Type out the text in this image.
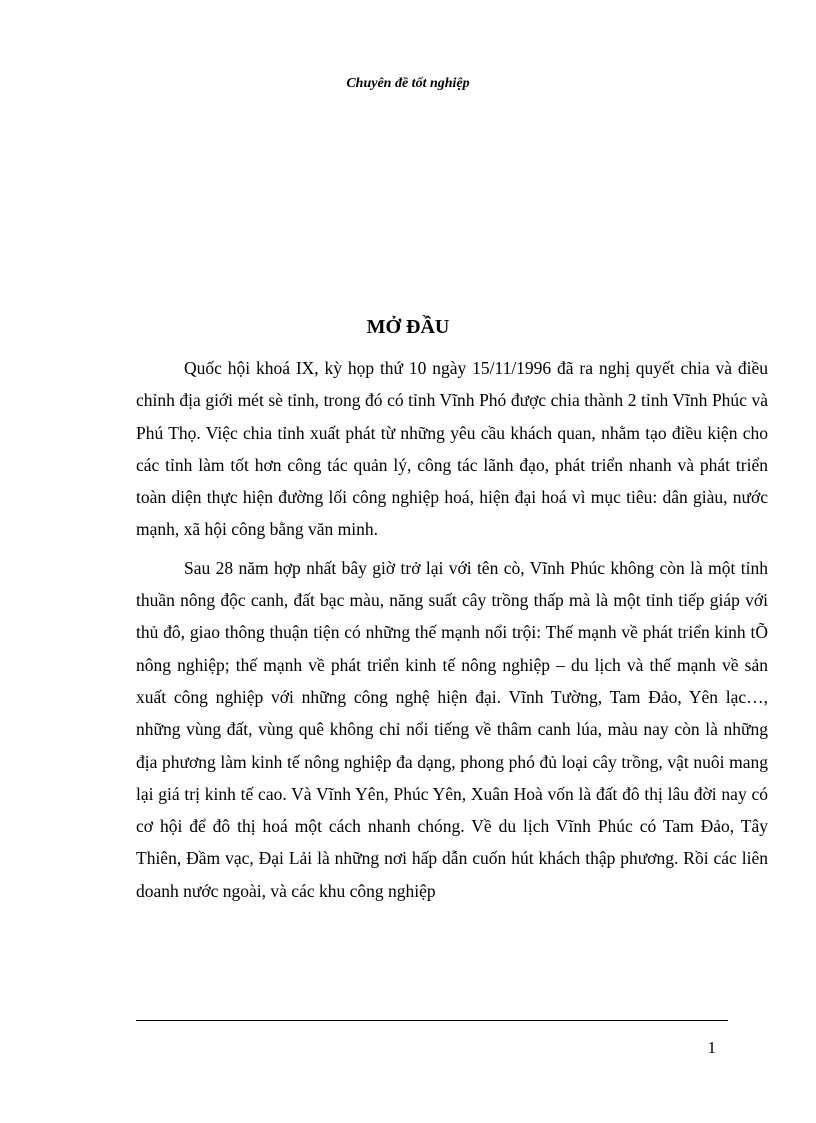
Chuyên đề tốt nghiệp
MỞ ĐẦU

Quốc hội khoá IX, kỳ họp thứ 10 ngày 15/11/1996 đã ra nghị quyết chia và điều chỉnh địa giới mét sè tỉnh, trong đó có tỉnh Vĩnh Phó được chia thành 2 tỉnh Vĩnh Phúc và Phú Thọ. Việc chia tỉnh xuất phát từ những yêu cầu khách quan, nhằm tạo điều kiện cho các tỉnh làm tốt hơn công tác quản lý, công tác lãnh đạo, phát triển nhanh và phát triển toàn diện thực hiện đường lối công nghiệp hoá, hiện đại hoá vì mục tiêu: dân giàu, nước mạnh, xã hội công bằng văn minh.

Sau 28 năm hợp nhất bây giờ trở lại với tên cò, Vĩnh Phúc không còn là một tỉnh thuần nông độc canh, đất bạc màu, năng suất cây trồng thấp mà là một tỉnh tiếp giáp với thủ đô, giao thông thuận tiện có những thế mạnh nổi trội: Thế mạnh về phát triển kinh tÕ nông nghiệp; thế mạnh về phát triển kinh tế nông nghiệp – du lịch và thế mạnh về sản xuất công nghiệp với những công nghệ hiện đại. Vĩnh Tường, Tam Đảo, Yên lạc…, những vùng đất, vùng quê không chỉ nổi tiếng về thâm canh lúa, màu nay còn là những địa phương làm kinh tế nông nghiệp đa dạng, phong phó đủ loại cây trồng, vật nuôi mang lại giá trị kinh tế cao. Và Vĩnh Yên, Phúc Yên, Xuân Hoà vốn là đất đô thị lâu đời nay có cơ hội để đô thị hoá một cách nhanh chóng. Về du lịch Vĩnh Phúc có Tam Đảo, Tây Thiên, Đầm vạc, Đại Lải là những nơi hấp dẫn cuốn hút khách thập phương. Rồi các liên doanh nước ngoài, và các khu công nghiệp

1
